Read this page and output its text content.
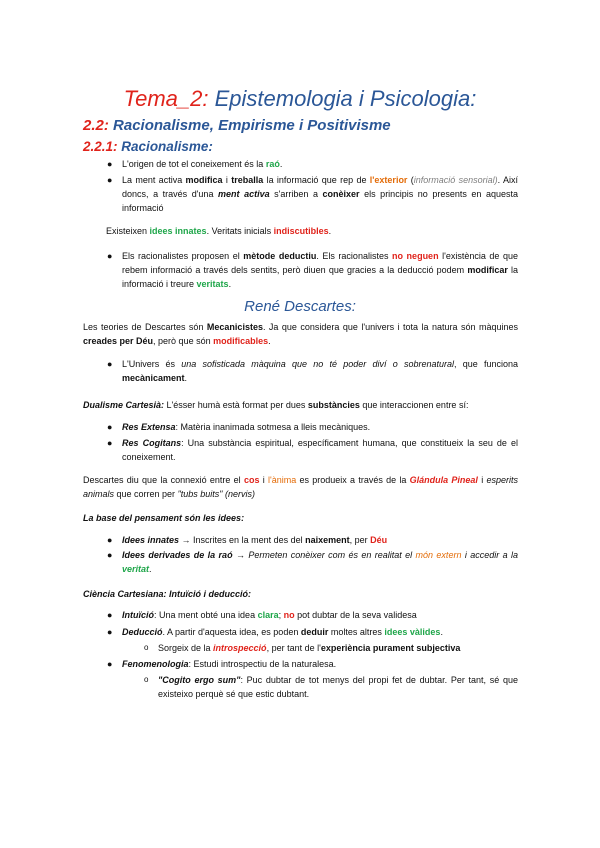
Tema_2: Epistemologia i Psicologia:
2.2: Racionalisme, Empirisme i Positivisme
2.2.1: Racionalisme:
● L'origen de tot el coneixement és la raó.
● La ment activa modifica i treballa la informació que rep de l'exterior (informació sensorial). Així doncs, a través d'una ment activa s'arriben a conèixer els principis no presents en aquesta informació
Existeixen idees innates. Veritats inicials indiscutibles.
● Els racionalistes proposen el mètode deductiu. Els racionalistes no neguen l'existència de que rebem informació a través dels sentits, però diuen que gracies a la deducció podem modificar la informació i treure veritats.
René Descartes:
Les teories de Descartes són Mecanicistes. Ja que considera que l'univers i tota la natura són màquines creades per Déu, però que són modificables.
● L'Univers és una sofisticada màquina que no té poder diví o sobrenatural, que funciona mecànicament.
Dualisme Cartesià: L'ésser humà està format per dues substàncies que interaccionen entre sí:
● Res Extensa: Matèria inanimada sotmesa a lleis mecàniques.
● Res Cogitans: Una substància espiritual, específicament humana, que constitueix la seu de el coneixement.
Descartes diu que la connexió entre el cos i l'ànima es produeix a través de la Glándula Pineal i esperits animals que corren per "tubs buits" (nervis)
La base del pensament són les idees:
● Idees innates → Inscrites en la ment des del naixement, per Déu
● Idees derivades de la raó → Permeten conèixer com és en realitat el món extern i accedir a la veritat.
Ciència Cartesiana: Intuïció i deducció:
● Intuïció: Una ment obté una idea clara; no pot dubtar de la seva validesa
● Deducció. A partir d'aquesta idea, es poden deduir moltes altres idees vàlides.
o Sorgeix de la introspecció, per tant de l'experiència purament subjectiva
● Fenomenologia: Estudi introspectiu de la naturalesa.
o "Cogito ergo sum": Puc dubtar de tot menys del propi fet de dubtar. Per tant, sé que existeixo perquè sé que estic dubtant.
